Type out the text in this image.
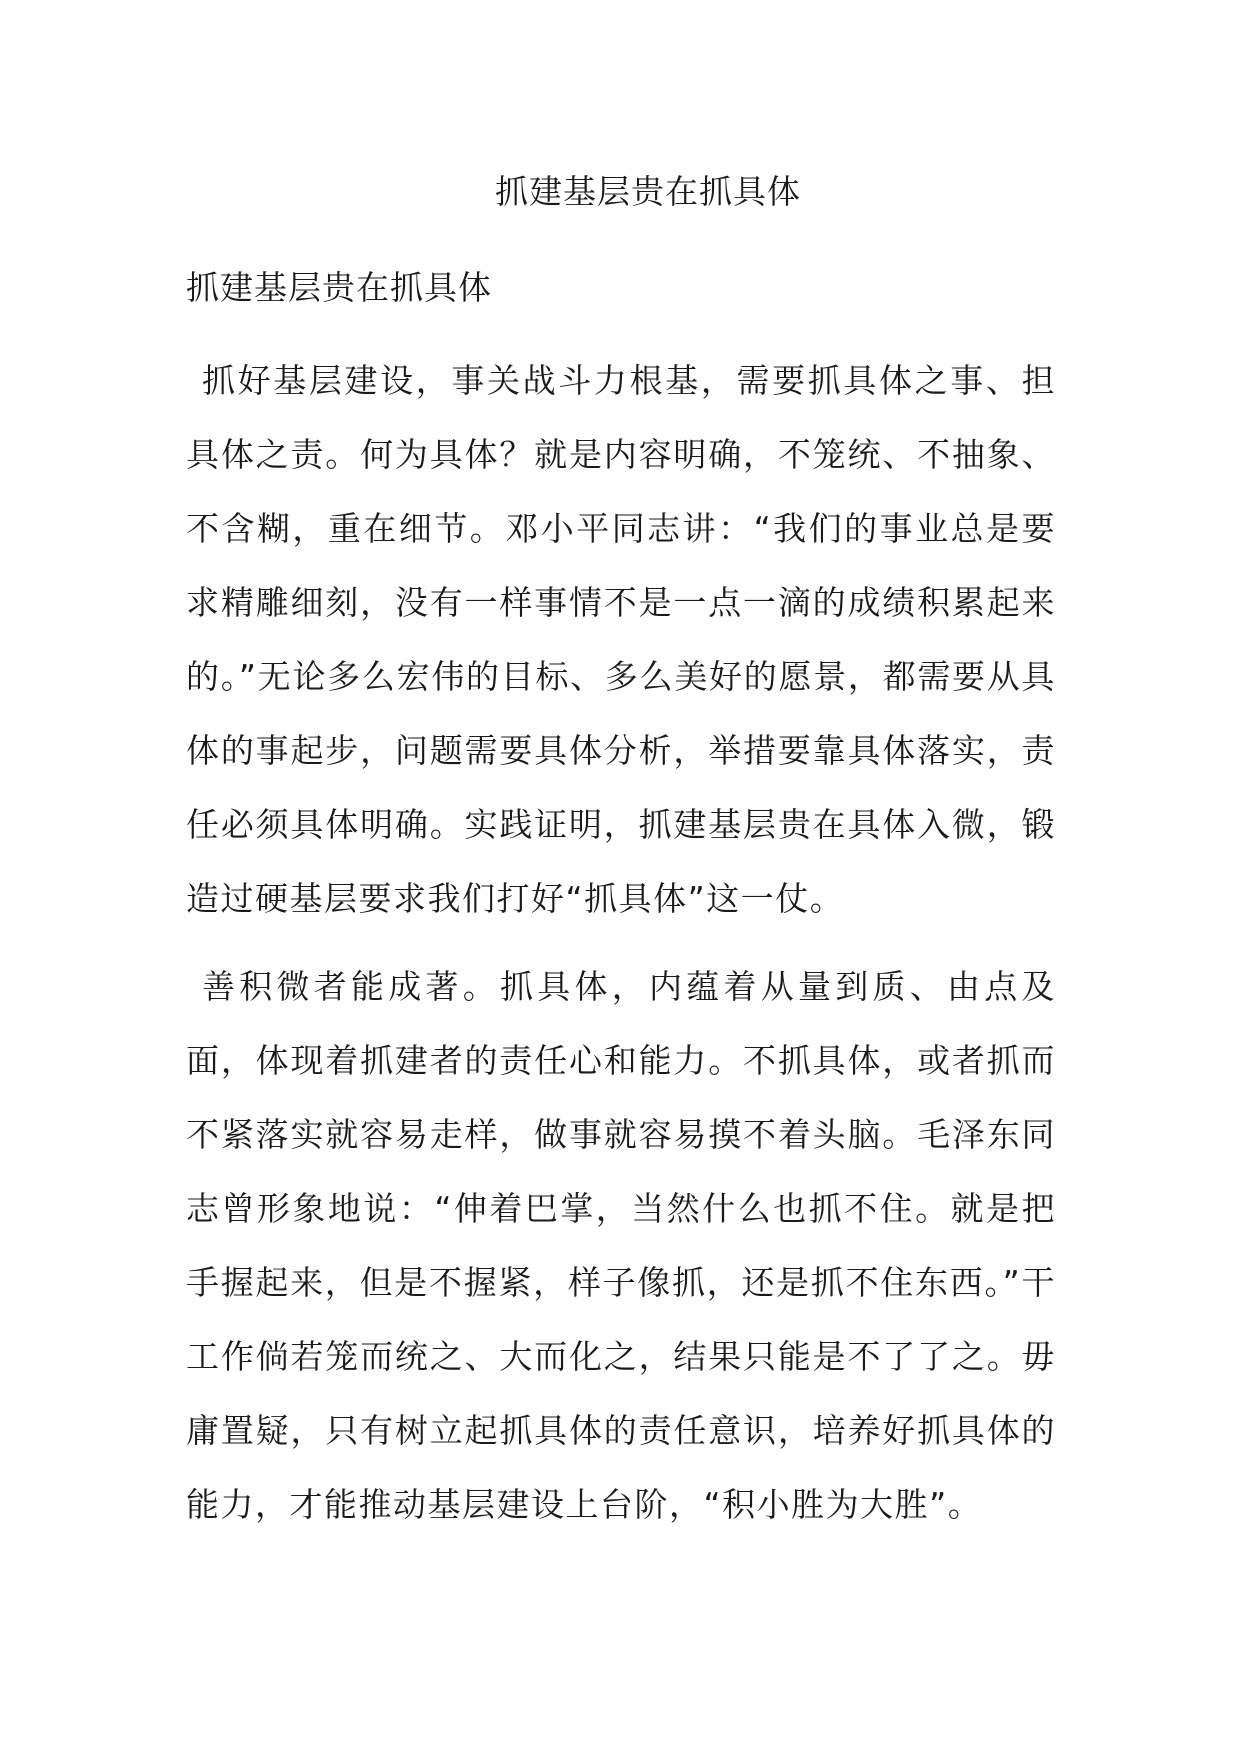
抓建基层贵在抓具体
抓建基层贵在抓具体

抓好基层建设，事关战斗力根基，需要抓具体之事、担具体之责。何为具体？就是内容明确，不笼统、不抽象、不含糊，重在细节。邓小平同志讲：“我们的事业总是要求精雕细刻，没有一样事情不是一点一滴的成绩积累起来的。”无论多么宏伟的目标、多么美好的愿景，都需要从具体的事起步，问题需要具体分析，举措要靠具体落实，责任必须具体明确。实践证明，抓建基层贵在具体入微，锻造过硬基层要求我们打好“抓具体”这一仗。

善积微者能成著。抓具体，内蕴着从量到质、由点及面，体现着抓建者的责任心和能力。不抓具体，或者抓而不紧落实就容易走样，做事就容易摸不着头脑。毛泽东同志曾形象地说：“伸着巴掌，当然什么也抓不住。就是把手握起来，但是不握紧，样子像抓，还是抓不住东西。”干工作倘若笼而统之、大而化之，结果只能是不了了之。毋庸置疑，只有树立起抓具体的责任意识，培养好抓具体的能力，才能推动基层建设上台阶，“积小胜为大胜”。
